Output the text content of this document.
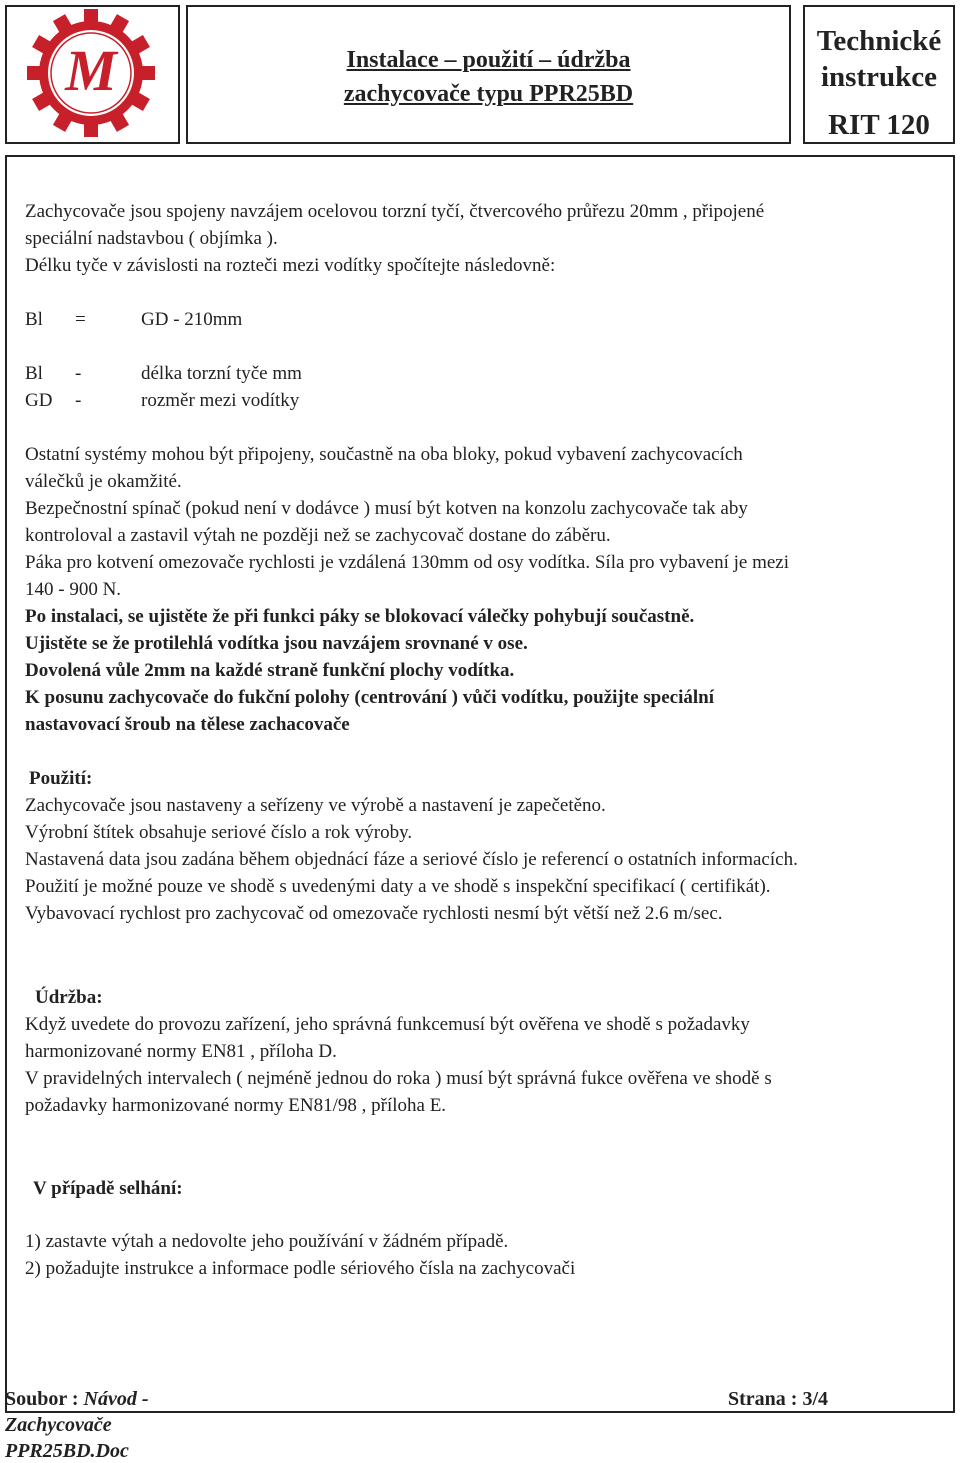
M	Instalace – použití – údržba
zachycovače typu PPR25BD
Technické
instrukce
RIT 120
Zachycovače jsou spojeny navzájem ocelovou torzní tyčí, čtvercového průřezu 20mm , připojené
speciální nadstavbou ( objímka ).
Délku tyče v závislosti na rozteči mezi vodítky spočítejte následovně:
Bl =	GD - 210mm
Bl -	délka torzní tyče mm
GD -	rozměr mezi vodítky
Ostatní systémy mohou být připojeny, součastně na oba bloky, pokud vybavení zachycovacích
válečků je okamžité.
Bezpečnostní spínač (pokud není v dodávce ) musí být kotven na konzolu zachycovače tak aby
kontroloval a zastavil výtah ne později než se zachycovač dostane do záběru.
Páka pro kotvení omezovače rychlosti je vzdálená 130mm od osy vodítka. Síla pro vybavení je mezi
140 - 900 N.
Po instalaci, se ujistěte že při funkci páky se blokovací válečky pohybují součastně.
Ujistěte se že protilehlá vodítka jsou navzájem srovnané v ose.
Dovolená vůle 2mm na každé straně funkční plochy vodítka.
K posunu zachycovače do fukční polohy (centrování ) vůči vodítku, použijte speciální
nastavovací šroub na tělese zachacovače
Použití:
Zachycovače jsou nastaveny a seřízeny ve výrobě a nastavení je zapečetěno.
Výrobní štítek obsahuje seriové číslo a rok výroby.
Nastavená data jsou zadána během objednácí fáze a seriové číslo je referencí o ostatních informacích.
Použití je možné pouze ve shodě s uvedenými daty a ve shodě s inspekční specifikací ( certifikát).
Vybavovací rychlost pro zachycovač od omezovače rychlosti nesmí být větší než 2.6 m/sec.
Údržba:
Když uvedete do provozu zařízení, jeho správná funkcemusí být ověřena ve shodě s požadavky
harmonizované normy EN81 , příloha D.
V pravidelných intervalech ( nejméně jednou do roka ) musí být správná fukce ověřena ve shodě s
požadavky harmonizované normy EN81/98 , příloha E.
V případě selhání:
1) zastavte výtah a nedovolte jeho používání v žádném případě.
2) požadujte instrukce a informace podle sériového čísla na zachycovači
Soubor : Návod -
Zachycovače
PPR25BD.Doc
Strana : 3/4
